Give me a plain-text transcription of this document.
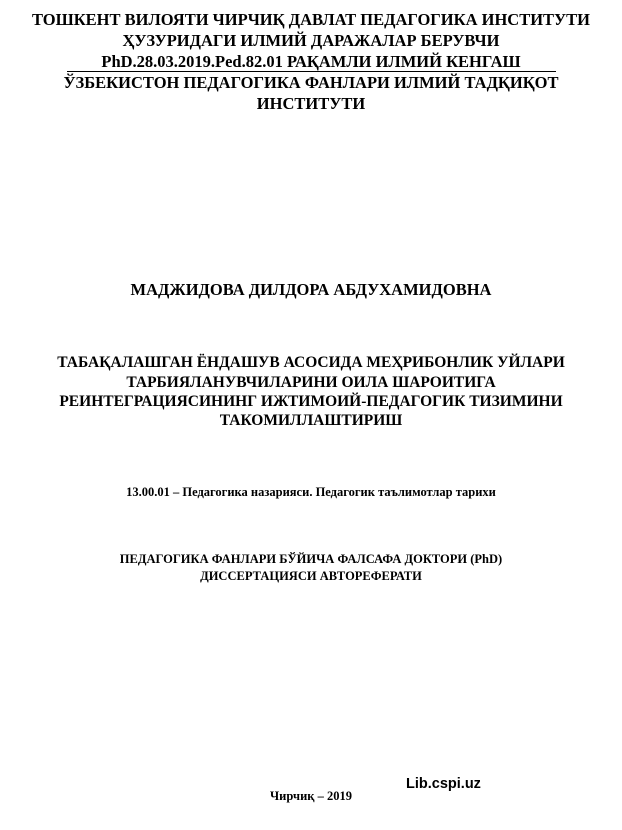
ТОШКЕНТ ВИЛОЯТИ ЧИРЧИҚ ДАВЛАТ ПЕДАГОГИКА ИНСТИТУТИ
ҲУЗУРИДАГИ ИЛМИЙ ДАРАЖАЛАР БЕРУВЧИ
PhD.28.03.2019.Ped.82.01 РАҚАМЛИ ИЛМИЙ КЕНГАШ
ЎЗБЕКИСТОН ПЕДАГОГИКА ФАНЛАРИ ИЛМИЙ ТАДҚИҚОТ
ИНСТИТУТИ
МАДЖИДОВА ДИЛДОРА АБДУХАМИДОВНА
ТАБАҚАЛАШГАН ЁНДАШУВ АСОСИДА МЕҲРИБОНЛИК УЙЛАРИ
ТАРБИЯЛАНУВЧИЛАРИНИ ОИЛА ШАРОИТИГА
РЕИНТЕГРАЦИЯСИНИНГ ИЖТИМОИЙ-ПЕДАГОГИК ТИЗИМИНИ
ТАКОМИЛЛАШТИРИШ
13.00.01 – Педагогика назарияси. Педагогик таълимотлар тарихи
ПЕДАГОГИКА ФАНЛАРИ БЎЙИЧА ФАЛСАФА ДОКТОРИ (PhD)
ДИССЕРТАЦИЯСИ АВТОРЕФЕРАТИ
Lib.cspi.uz
Чирчиқ – 2019
